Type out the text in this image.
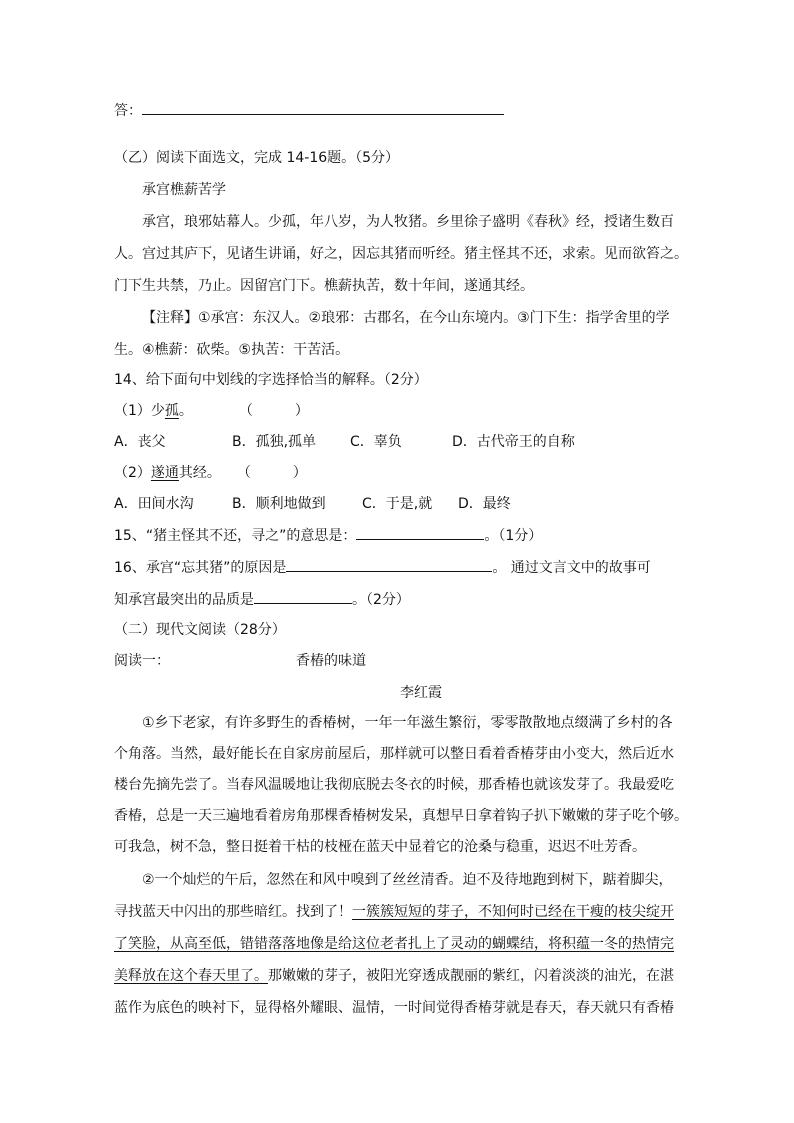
答：
（乙）阅读下面选文，完成 14-16题。（5分）
承宫樵薪苦学
承宫，琅邪姑幕人。少孤，年八岁，为人牧猪。乡里徐子盛明《春秋》经，授诸生数百
人。宫过其庐下，见诸生讲诵，好之，因忘其猪而听经。猪主怪其不还，求索。见而欲笞之。
门下生共禁，乃止。因留宫门下。樵薪执苦，数十年间，遂通其经。
【注释】①承宫：东汉人。②琅邪：古郡名，在今山东境内。③门下生：指学舍里的学
生。④樵薪：砍柴。⑤执苦：干苦活。
14、给下面句中划线的字选择恰当的解释。（2分）
（1）少孤。	（　　　）
A．丧父	B．孤独,孤单 C．辜负	D．古代帝王的自称
（2）遂通其经。 （　　　）
A．田间水沟	B．顺利地做到	C．于是,就 D．最终
15、“猪主怪其不还，寻之”的意思是：	。（1分）
16、承宫“忘其猪”的原因是	。 通过文言文中的故事可
知承宫最突出的品质是	。（2分）
（二）现代文阅读（28分）
阅读一：	香椿的味道
李红霞
①乡下老家，有许多野生的香椿树，一年一年滋生繁衍，零零散散地点缀满了乡村的各
个角落。当然，最好能长在自家房前屋后，那样就可以整日看着香椿芽由小变大，然后近水
楼台先摘先尝了。当春风温暖地让我彻底脱去冬衣的时候，那香椿也就该发芽了。我最爱吃
香椿，总是一天三遍地看着房角那棵香椿树发呆，真想早日拿着钩子扒下嫩嫩的芽子吃个够。
可我急，树不急，整日挺着干枯的枝桠在蓝天中显着它的沧桑与稳重，迟迟不吐芳香。
②一个灿烂的午后，忽然在和风中嗅到了丝丝清香。迫不及待地跑到树下，踮着脚尖，
寻找蓝天中闪出的那些暗红。找到了！一簇簇短短的芽子，不知何时已经在干瘦的枝尖绽开
了笑脸，从高至低，错错落落地像是给这位老者扎上了灵动的蝴蝶结，将积蕴一冬的热情完
美释放在这个春天里了。那嫩嫩的芽子，被阳光穿透成靓丽的紫红，闪着淡淡的油光，在湛
蓝作为底色的映衬下，显得格外耀眼、温情，一时间觉得香椿芽就是春天，春天就只有香椿
